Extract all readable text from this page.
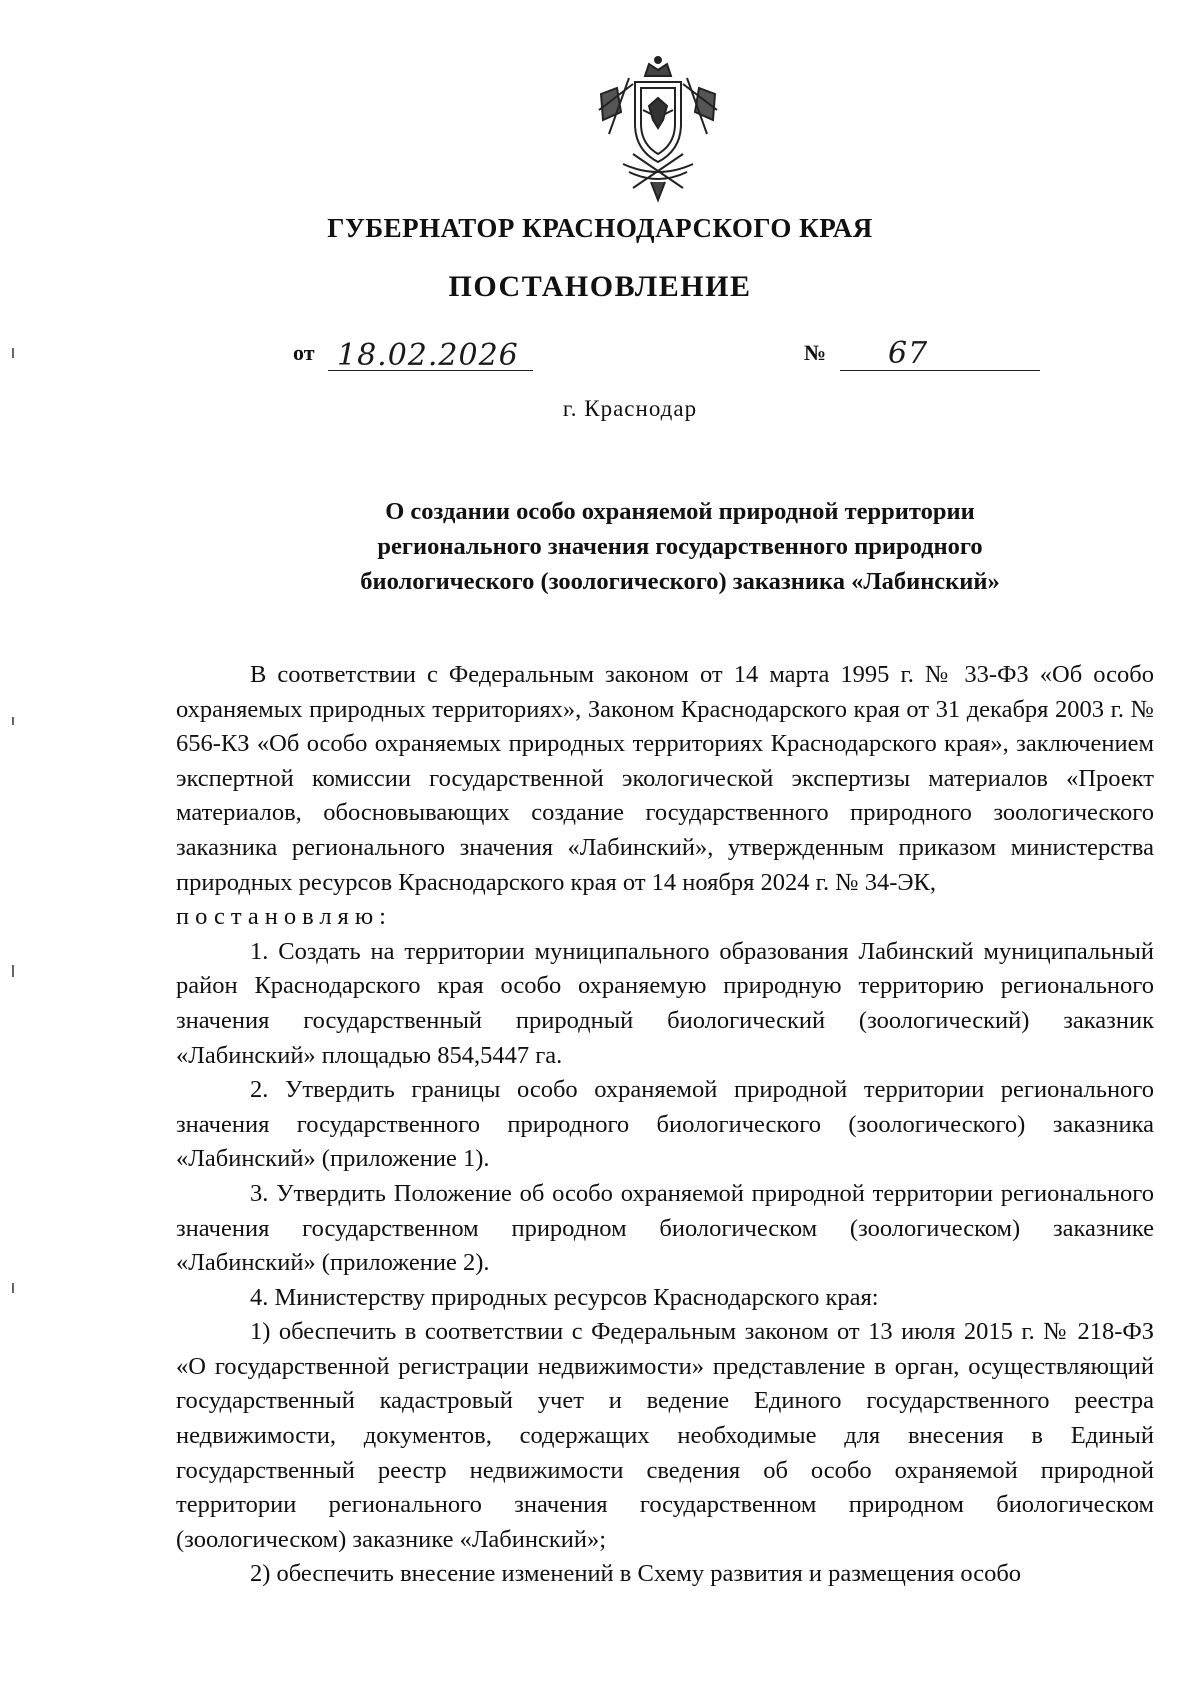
ГУБЕРНАТОР КРАСНОДАРСКОГО КРАЯ
ПОСТАНОВЛЕНИЕ
от 18.02.2026	№ 67
г. Краснодар
О создании особо охраняемой природной территории
регионального значения государственного природного
биологического (зоологического) заказника «Лабинский»

В соответствии с Федеральным законом от 14 марта 1995 г. № 33-ФЗ «Об особо охраняемых природных территориях», Законом Краснодарского края от 31 декабря 2003 г. № 656-КЗ «Об особо охраняемых природных территориях Краснодарского края», заключением экспертной комиссии государственной экологической экспертизы материалов «Проект материалов, обосновывающих создание государственного природного зоологического заказника регионального значения «Лабинский», утвержденным приказом министерства природных ресурсов Краснодарского края от 14 ноября 2024 г. № 34-ЭК,

постановляю:

1. Создать на территории муниципального образования Лабинский муниципальный район Краснодарского края особо охраняемую природную территорию регионального значения государственный природный биологический (зоологический) заказник «Лабинский» площадью 854,5447 га.

2. Утвердить границы особо охраняемой природной территории регионального значения государственного природного биологического (зоологического) заказника «Лабинский» (приложение 1).

3. Утвердить Положение об особо охраняемой природной территории регионального значения государственном природном биологическом (зоологическом) заказнике «Лабинский» (приложение 2).

4. Министерству природных ресурсов Краснодарского края:

1) обеспечить в соответствии с Федеральным законом от 13 июля 2015 г. № 218-ФЗ «О государственной регистрации недвижимости» представление в орган, осуществляющий государственный кадастровый учет и ведение Единого государственного реестра недвижимости, документов, содержащих необходимые для внесения в Единый государственный реестр недвижимости сведения об особо охраняемой природной территории регионального значения государственном природном биологическом (зоологическом) заказнике «Лабинский»;

2) обеспечить внесение изменений в Схему развития и размещения особо
